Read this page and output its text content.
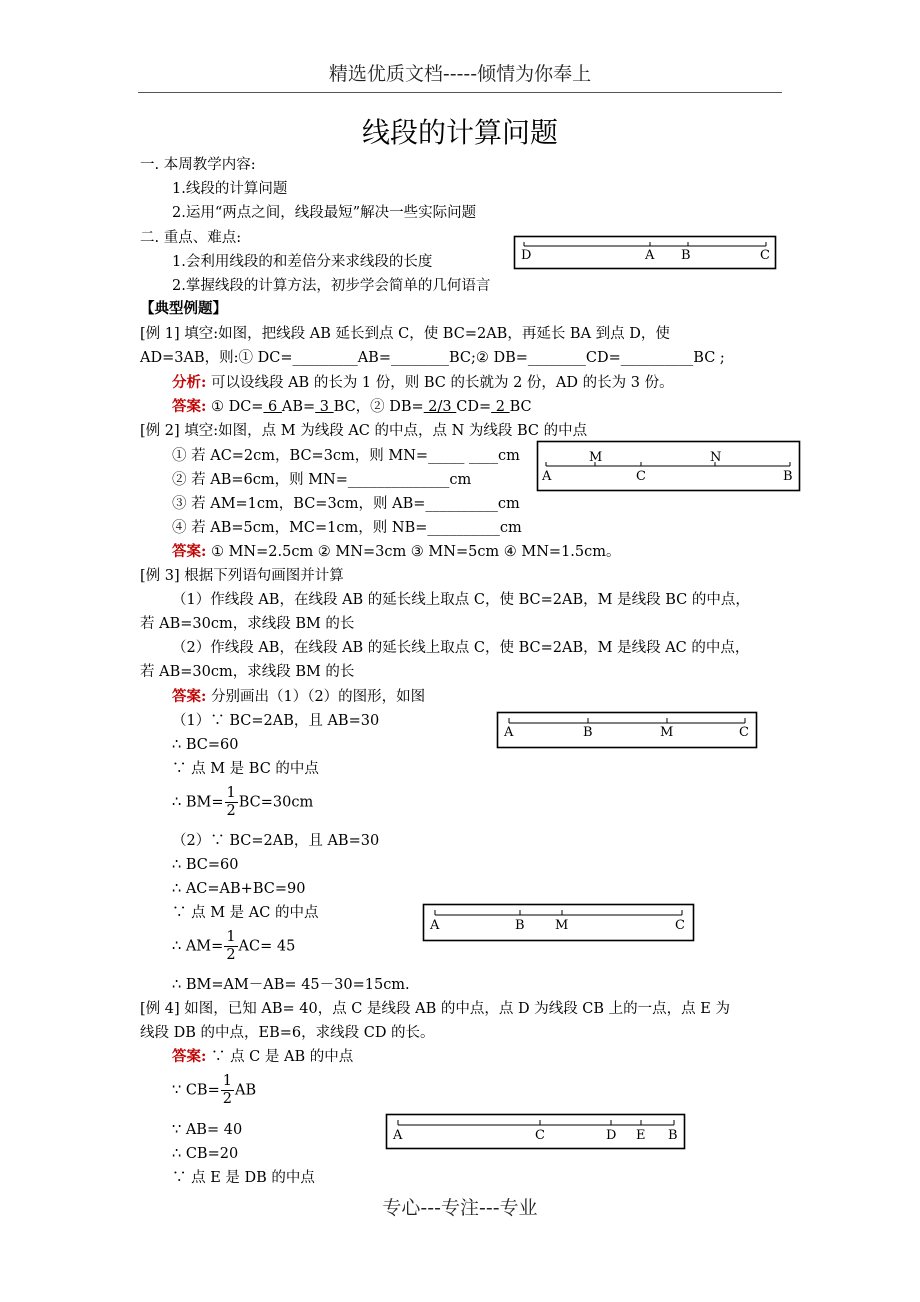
精选优质文档-----倾情为你奉上
线段的计算问题
一. 本周教学内容:
1.线段的计算问题
2.运用“两点之间，线段最短”解决一些实际问题
二. 重点、难点:
1.会利用线段的和差倍分来求线段的长度
2.掌握线段的计算方法，初步学会简单的几何语言
D	A B	C
【典型例题】
[例 1] 填空:如图，把线段 AB 延长到点 C，使 BC=2AB，再延长 BA 到点 D，使
AD=3AB，则:① DC=_________AB=________BC;② DB=________CD=__________BC ;
分析: 可以设线段 AB 的长为 1 份，则 BC 的长就为 2 份，AD 的长为 3 份。
答案: ① DC= 6 AB= 3 BC，② DB= 2/3 CD= 2 BC
[例 2] 填空:如图，点 M 为线段 AC 的中点，点 N 为线段 BC 的中点
① 若 AC=2cm，BC=3cm，则 MN=_____ ____cm
② 若 AB=6cm，则 MN=______________cm
③ 若 AM=1cm，BC=3cm，则 AB=__________cm
④ 若 AB=5cm，MC=1cm，则 NB=__________cm
答案: ① MN=2.5cm ② MN=3cm ③ MN=5cm ④ MN=1.5cm。
M	N
A	C	B
[例 3] 根据下列语句画图并计算
（1）作线段 AB，在线段 AB 的延长线上取点 C，使 BC=2AB，M 是线段 BC 的中点，
若 AB=30cm，求线段 BM 的长
（2）作线段 AB，在线段 AB 的延长线上取点 C，使 BC=2AB，M 是线段 AC 的中点，
若 AB=30cm，求线段 BM 的长
答案: 分别画出（1）（2）的图形，如图
（1）∵ BC=2AB，且 AB=30
∴ BC=60
∵ 点 M 是 BC 的中点
∴ $BM= \frac{1}{2} BC=30cm$
（2）∵ BC=2AB，且 AB=30
∴ BC=60
∴ AC=AB+BC=90
∵ 点 M 是 AC 的中点
∴ $AM= \frac{1}{2} AC= 45$
∴ BM=AM－AB= 45－30=15cm.
A	B	M	C
A	B M	C
[例 4] 如图，已知 AB= 40，点 C 是线段 AB 的中点，点 D 为线段 CB 上的一点，点 E 为
线段 DB 的中点，EB=6，求线段 CD 的长。
答案: ∵ 点 C 是 AB 的中点
∵ $CB= \frac{1}{2}$ AB
∵ AB= 40
∴ CB=20
∵ 点 E 是 DB 的中点
A	C	D E B
专心---专注---专业
